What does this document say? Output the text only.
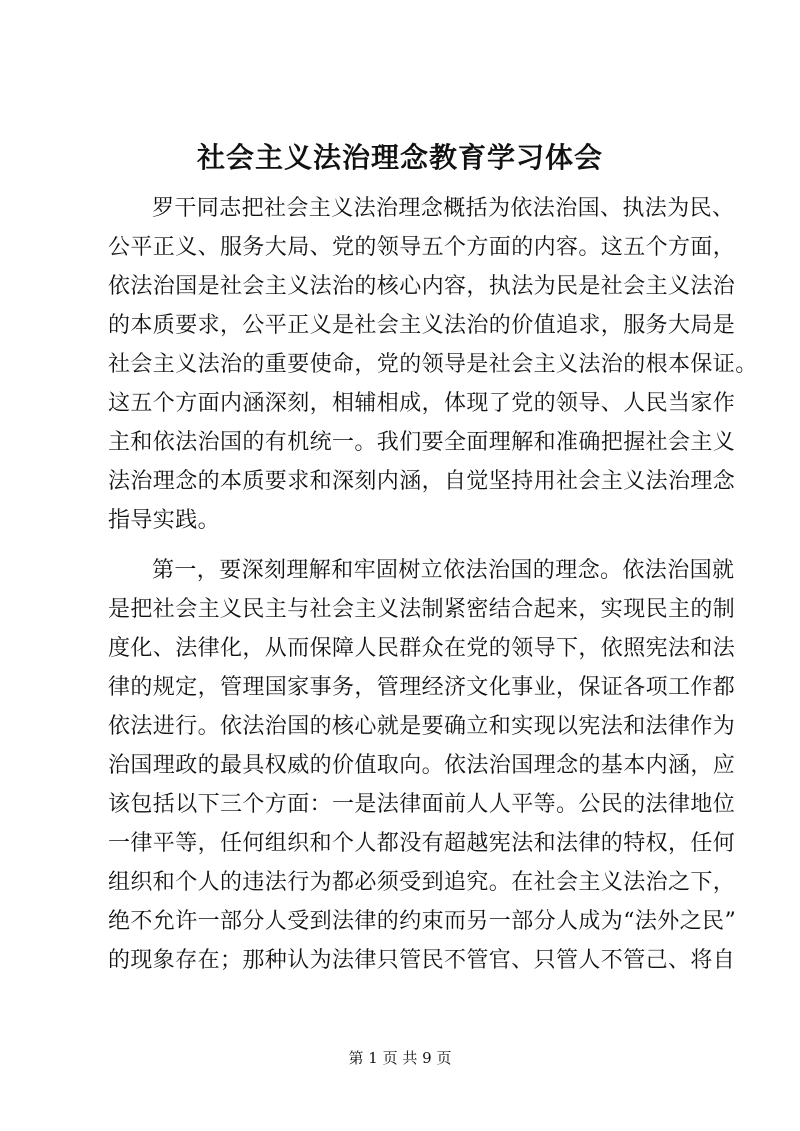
社会主义法治理念教育学习体会
罗干同志把社会主义法治理念概括为依法治国、执法为民、
公平正义、服务大局、党的领导五个方面的内容。这五个方面，
依法治国是社会主义法治的核心内容，执法为民是社会主义法治
的本质要求，公平正义是社会主义法治的价值追求，服务大局是
社会主义法治的重要使命，党的领导是社会主义法治的根本保证。
这五个方面内涵深刻，相辅相成，体现了党的领导、人民当家作
主和依法治国的有机统一。我们要全面理解和准确把握社会主义
法治理念的本质要求和深刻内涵，自觉坚持用社会主义法治理念
指导实践。
第一，要深刻理解和牢固树立依法治国的理念。依法治国就
是把社会主义民主与社会主义法制紧密结合起来，实现民主的制
度化、法律化，从而保障人民群众在党的领导下，依照宪法和法
律的规定，管理国家事务，管理经济文化事业，保证各项工作都
依法进行。依法治国的核心就是要确立和实现以宪法和法律作为
治国理政的最具权威的价值取向。依法治国理念的基本内涵，应
该包括以下三个方面：一是法律面前人人平等。公民的法律地位
一律平等，任何组织和个人都没有超越宪法和法律的特权，任何
组织和个人的违法行为都必须受到追究。在社会主义法治之下，
绝不允许一部分人受到法律的约束而另一部分人成为“法外之民”
的现象存在；那种认为法律只管民不管官、只管人不管己、将自
第 1 页 共 9 页
